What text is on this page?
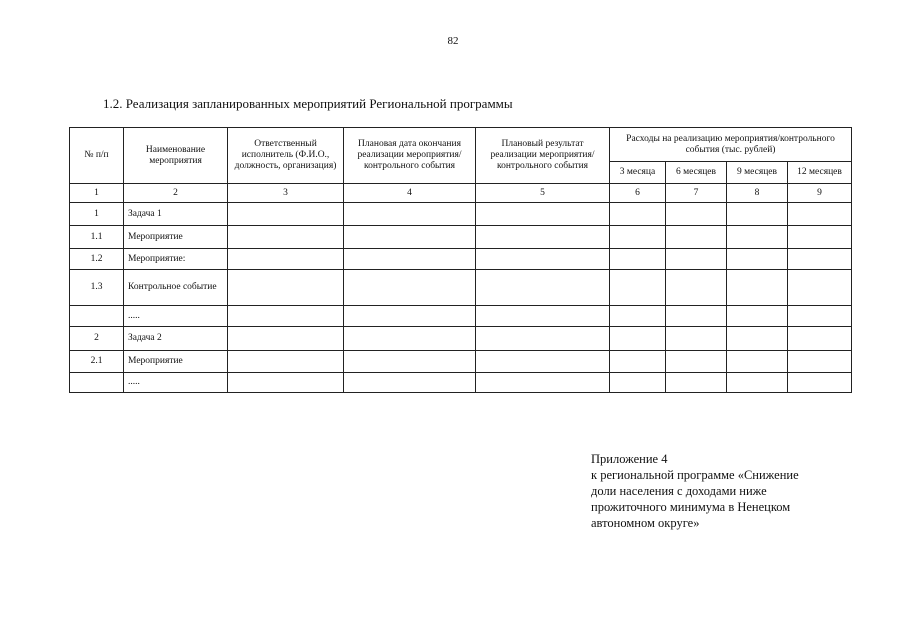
82
1.2. Реализация запланированных мероприятий Региональной программы
№ п/п	Наименование мероприятия	Ответственный исполнитель (Ф.И.О., должность, организация)	Плановая дата окончания реализации мероприятия/контрольного события	Плановый результат реализации мероприятия/контрольного события	Расходы на реализацию мероприятия/контрольного события (тыс. рублей)			
					3 месяца	6 месяцев	9 месяцев	12 месяцев
1	2	3	4	5	6	7	8	9
1	Задача 1							
1.1	Мероприятие							
1.2	Мероприятие:							
1.3	Контрольное событие							
	.....							
2	Задача 2							
2.1	Мероприятие							
	.....							
Приложение 4
к региональной программе «Снижение
доли населения с доходами ниже
прожиточного минимума в Ненецком
автономном округе»
